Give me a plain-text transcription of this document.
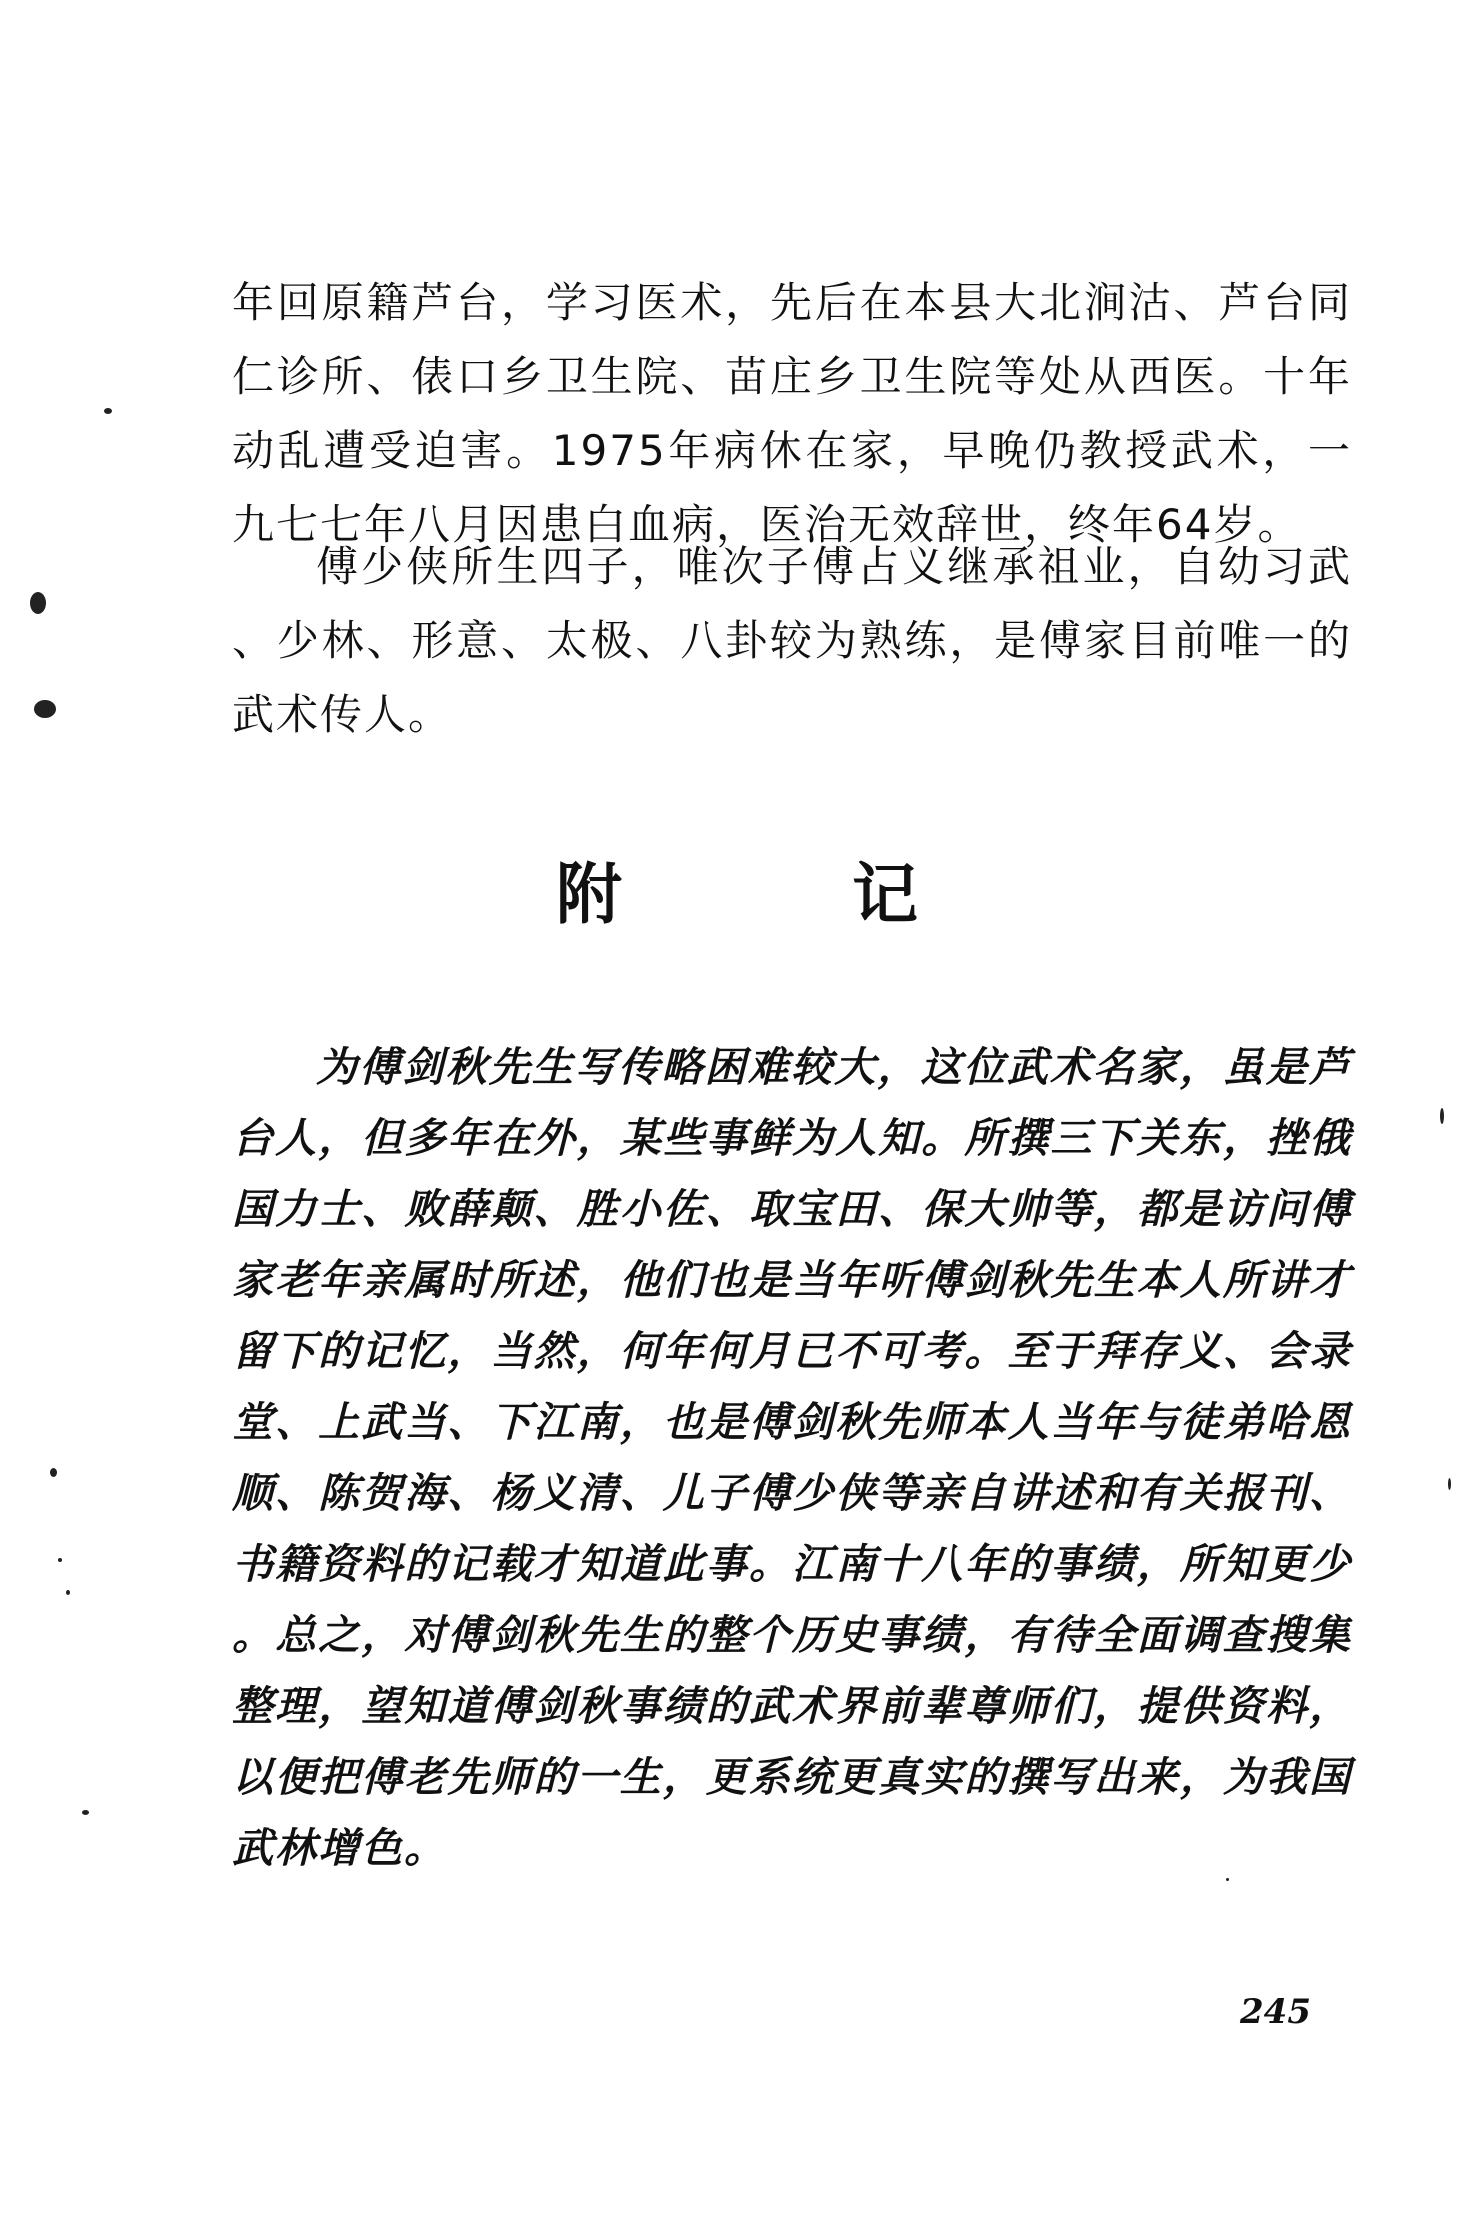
年回原籍芦台，学习医术，先后在本县大北涧沽、芦台同仁诊所、俵口乡卫生院、苗庄乡卫生院等处从西医。十年动乱遭受迫害。1975年病休在家，早晚仍教授武术，一九七七年八月因患白血病，医治无效辞世，终年64岁。

傅少侠所生四子，唯次子傅占义继承祖业，自幼习武、少林、形意、太极、八卦较为熟练，是傅家目前唯一的武术传人。

附	记

为傅剑秋先生写传略困难较大，这位武术名家，虽是芦台人，但多年在外，某些事鲜为人知。所撰三下关东，挫俄国力士、败薛颠、胜小佐、取宝田、保大帅等，都是访问傅家老年亲属时所述，他们也是当年听傅剑秋先生本人所讲才留下的记忆，当然，何年何月已不可考。至于拜存义、会录堂、上武当、下江南，也是傅剑秋先师本人当年与徒弟哈恩顺、陈贺海、杨义清、儿子傅少侠等亲自讲述和有关报刊、书籍资料的记载才知道此事。江南十八年的事绩，所知更少。总之，对傅剑秋先生的整个历史事绩，有待全面调查搜集整理，望知道傅剑秋事绩的武术界前辈尊师们，提供资料，以便把傅老先师的一生，更系统更真实的撰写出来，为我国武林增色。

245
